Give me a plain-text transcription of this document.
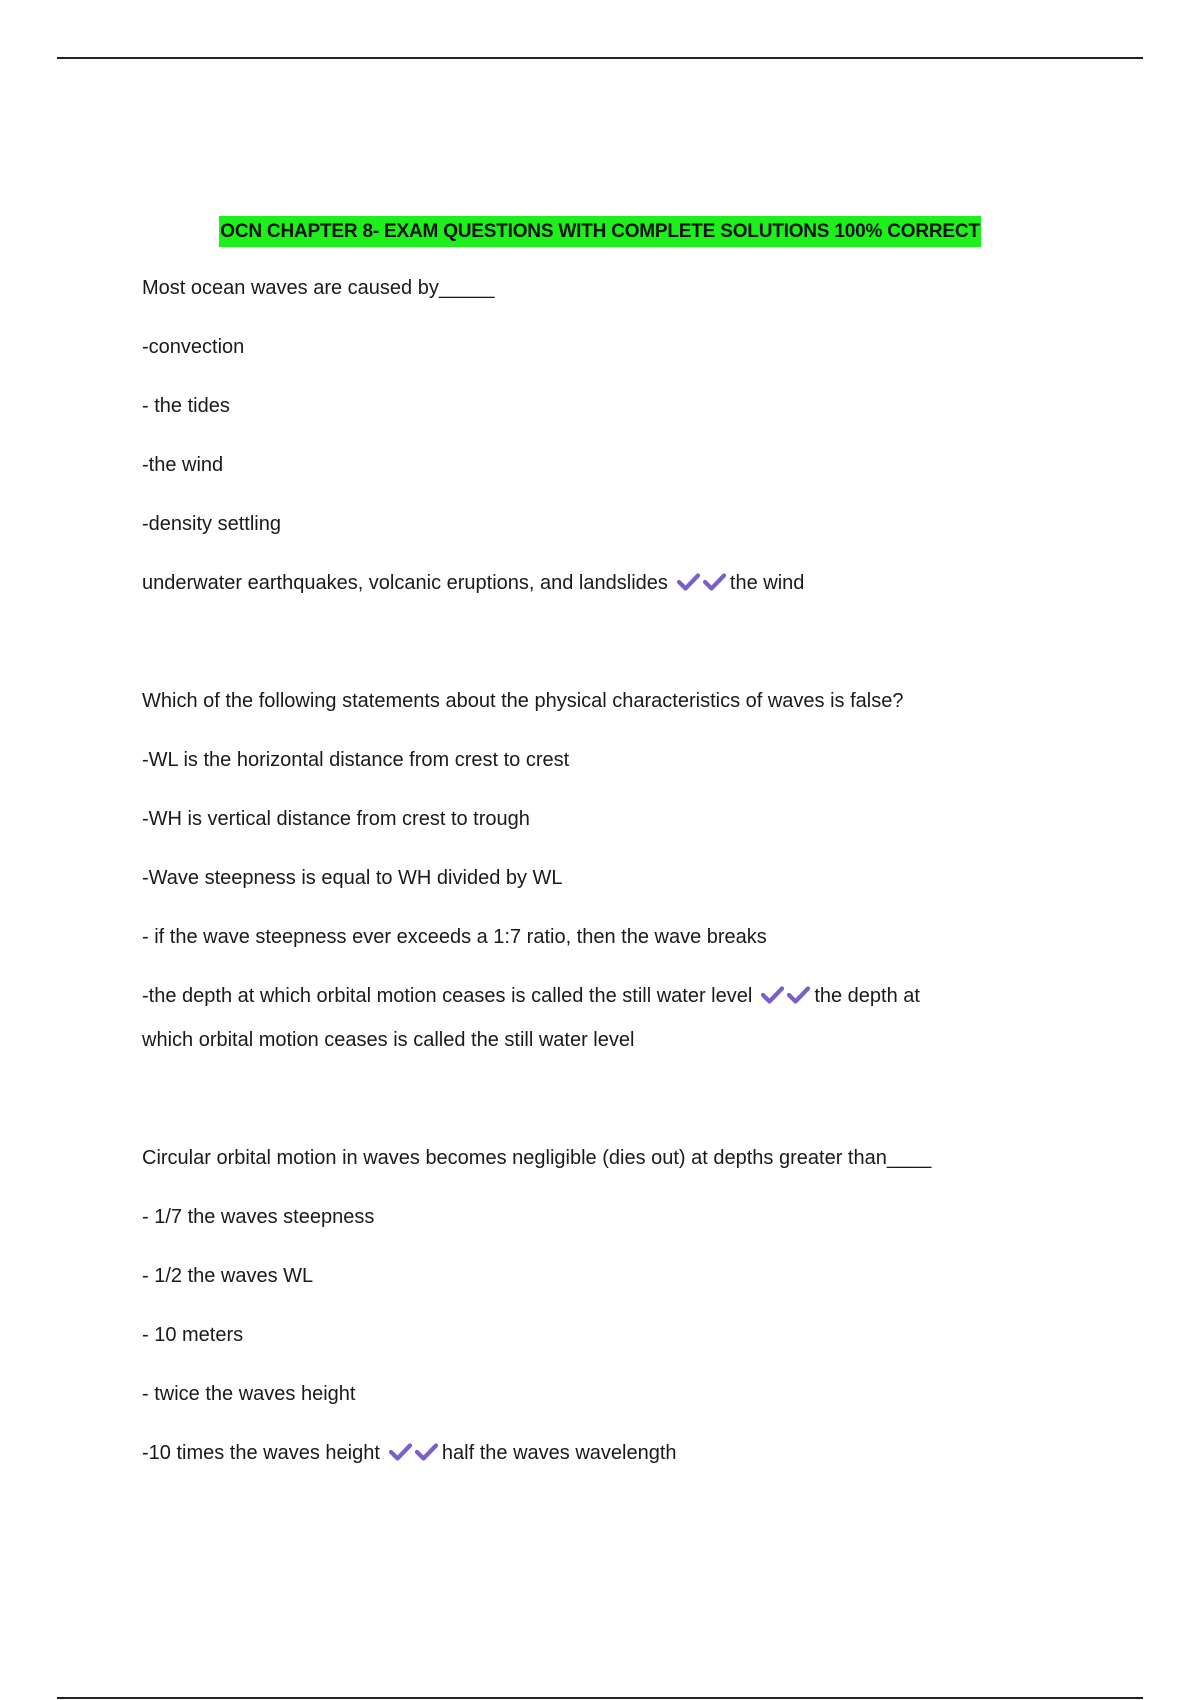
OCN CHAPTER 8- EXAM QUESTIONS WITH COMPLETE SOLUTIONS 100% CORRECT

Most ocean waves are caused by_____

-convection

- the tides

-the wind

-density settling

underwater earthquakes, volcanic eruptions, and landslides	the wind

Which of the following statements about the physical characteristics of waves is false?

-WL is the horizontal distance from crest to crest

-WH is vertical distance from crest to trough

-Wave steepness is equal to WH divided by WL

- if the wave steepness ever exceeds a 1:7 ratio, then the wave breaks

-the depth at which orbital motion ceases is called the still water level	the depth at

which orbital motion ceases is called the still water level

Circular orbital motion in waves becomes negligible (dies out) at depths greater than____

- 1/7 the waves steepness

- 1/2 the waves WL

- 10 meters

- twice the waves height

-10 times the waves height	half the waves wavelength
